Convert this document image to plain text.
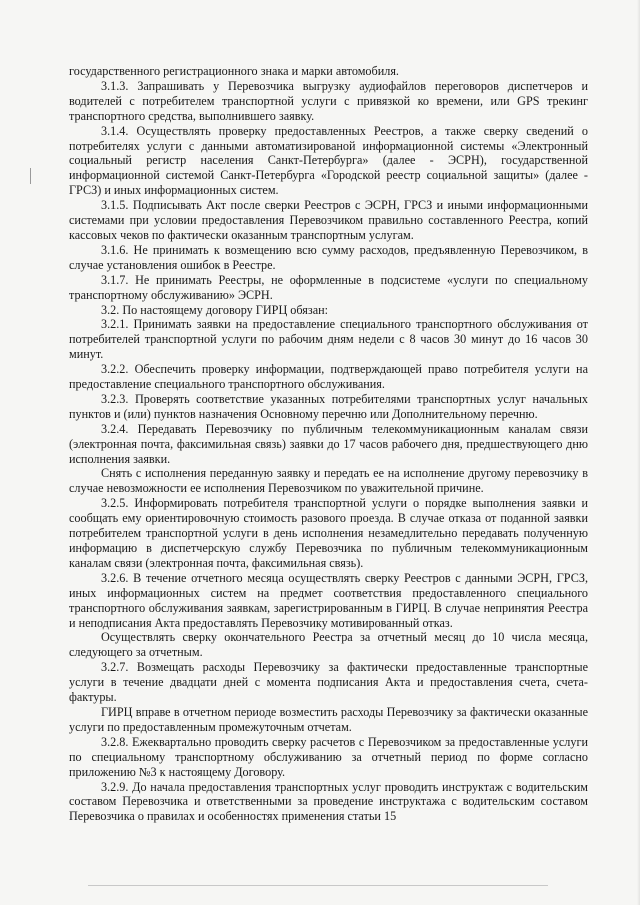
государственного регистрационного знака и марки автомобиля.

3.1.3. Запрашивать у Перевозчика выгрузку аудиофайлов переговоров диспетчеров и водителей с потребителем транспортной услуги с привязкой ко времени, или GPS трекинг транспортного средства, выполнившего заявку.

3.1.4. Осуществлять проверку предоставленных Реестров, а также сверку сведений о потребителях услуги с данными автоматизированой информационной системы «Электронный социальный регистр населения Санкт-Петербурга» (далее - ЭСРН), государственной информационной системой Санкт-Петербурга «Городской реестр социальной защиты» (далее - ГРСЗ) и иных информационных систем.

3.1.5. Подписывать Акт после сверки Реестров с ЭСРН, ГРСЗ и иными информационными системами при условии предоставления Перевозчиком правильно составленного Реестра, копий кассовых чеков по фактически оказанным транспортным услугам.

3.1.6. Не принимать к возмещению всю сумму расходов, предъявленную Перевозчиком, в случае установления ошибок в Реестре.

3.1.7. Не принимать Реестры, не оформленные в подсистеме «услуги по специальному транспортному обслуживанию» ЭСРН.

3.2. По настоящему договору ГИРЦ обязан:

3.2.1. Принимать заявки на предоставление специального транспортного обслуживания от потребителей транспортной услуги по рабочим дням недели с 8 часов 30 минут до 16 часов 30 минут.

3.2.2. Обеспечить проверку информации, подтверждающей право потребителя услуги на предоставление специального транспортного обслуживания.

3.2.3. Проверять соответствие указанных потребителями транспортных услуг начальных пунктов и (или) пунктов назначения Основному перечню или Дополнительному перечню.

3.2.4. Передавать Перевозчику по публичным телекоммуникационным каналам связи (электронная почта, факсимильная связь) заявки до 17 часов рабочего дня, предшествующего дню исполнения заявки.

Снять с исполнения переданную заявку и передать ее на исполнение другому перевозчику в случае невозможности ее исполнения Перевозчиком по уважительной причине.

3.2.5. Информировать потребителя транспортной услуги о порядке выполнения заявки и сообщать ему ориентировочную стоимость разового проезда. В случае отказа от поданной заявки потребителем транспортной услуги в день исполнения незамедлительно передавать полученную информацию в диспетчерскую службу Перевозчика по публичным телекоммуникационным каналам связи (электронная почта, факсимильная связь).

3.2.6. В течение отчетного месяца осуществлять сверку Реестров с данными ЭСРН, ГРСЗ, иных информационных систем на предмет соответствия предоставленного специального транспортного обслуживания заявкам, зарегистрированным в ГИРЦ. В случае непринятия Реестра и неподписания Акта предоставлять Перевозчику мотивированный отказ.

Осуществлять сверку окончательного Реестра за отчетный месяц до 10 числа месяца, следующего за отчетным.

3.2.7. Возмещать расходы Перевозчику за фактически предоставленные транспортные услуги в течение двадцати дней с момента подписания Акта и предоставления счета, счета-фактуры.

ГИРЦ вправе в отчетном периоде возместить расходы Перевозчику за фактически оказанные услуги по предоставленным промежуточным отчетам.

3.2.8. Ежеквартально проводить сверку расчетов с Перевозчиком за предоставленные услуги по специальному транспортному обслуживанию за отчетный период по форме согласно приложению №3 к настоящему Договору.

3.2.9. До начала предоставления транспортных услуг проводить инструктаж с водительским составом Перевозчика и ответственными за проведение инструктажа с водительским составом Перевозчика о правилах и особенностях применения статьи 15
